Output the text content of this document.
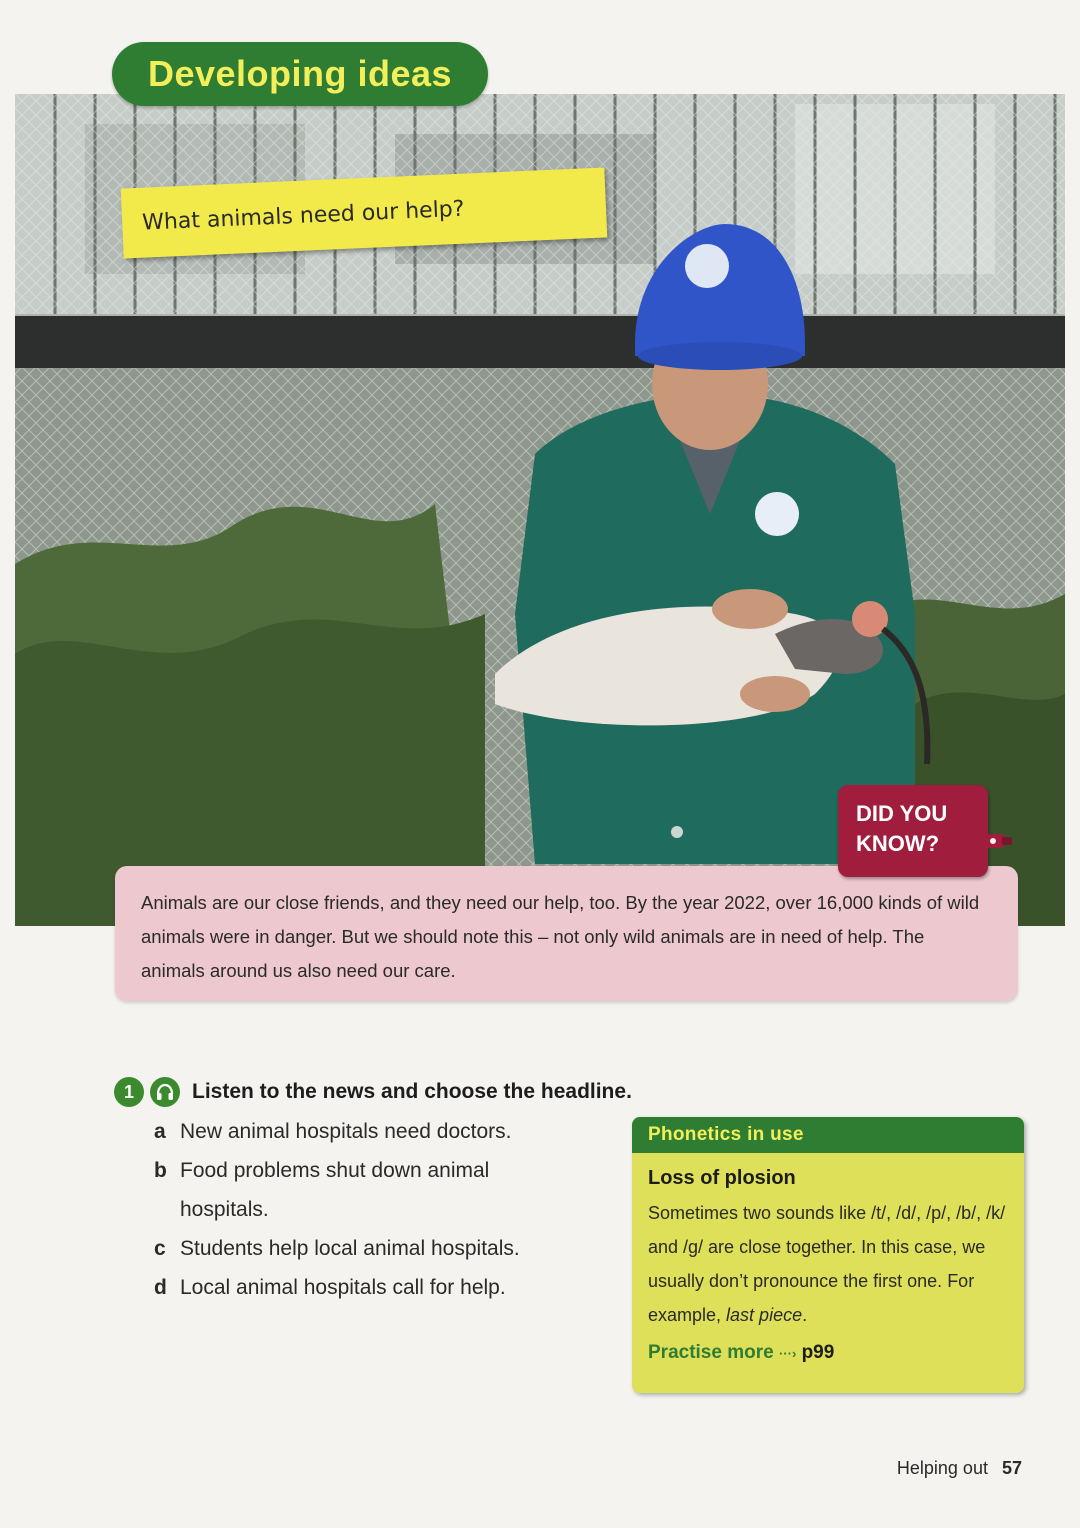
Developing ideas
What animals need our help?

Animals are our close friends, and they need our help, too. By the year 2022, over 16,000 kinds of wild animals were in danger. But we should note this – not only wild animals are in need of help. The animals around us also need our care.

DID YOU
KNOW?
1	Listen to the news and choose the headline.
a New animal hospitals need doctors.
b Food problems shut down animal hospitals.
c Students help local animal hospitals.
d Local animal hospitals call for help.
Phonetics in use
Loss of plosion
Sometimes two sounds like /t/, /d/, /p/, /b/, /k/ and /g/ are close together. In this case, we usually don’t pronounce the first one. For example, last piece.
Practise more ···› p99
Helping out 57
